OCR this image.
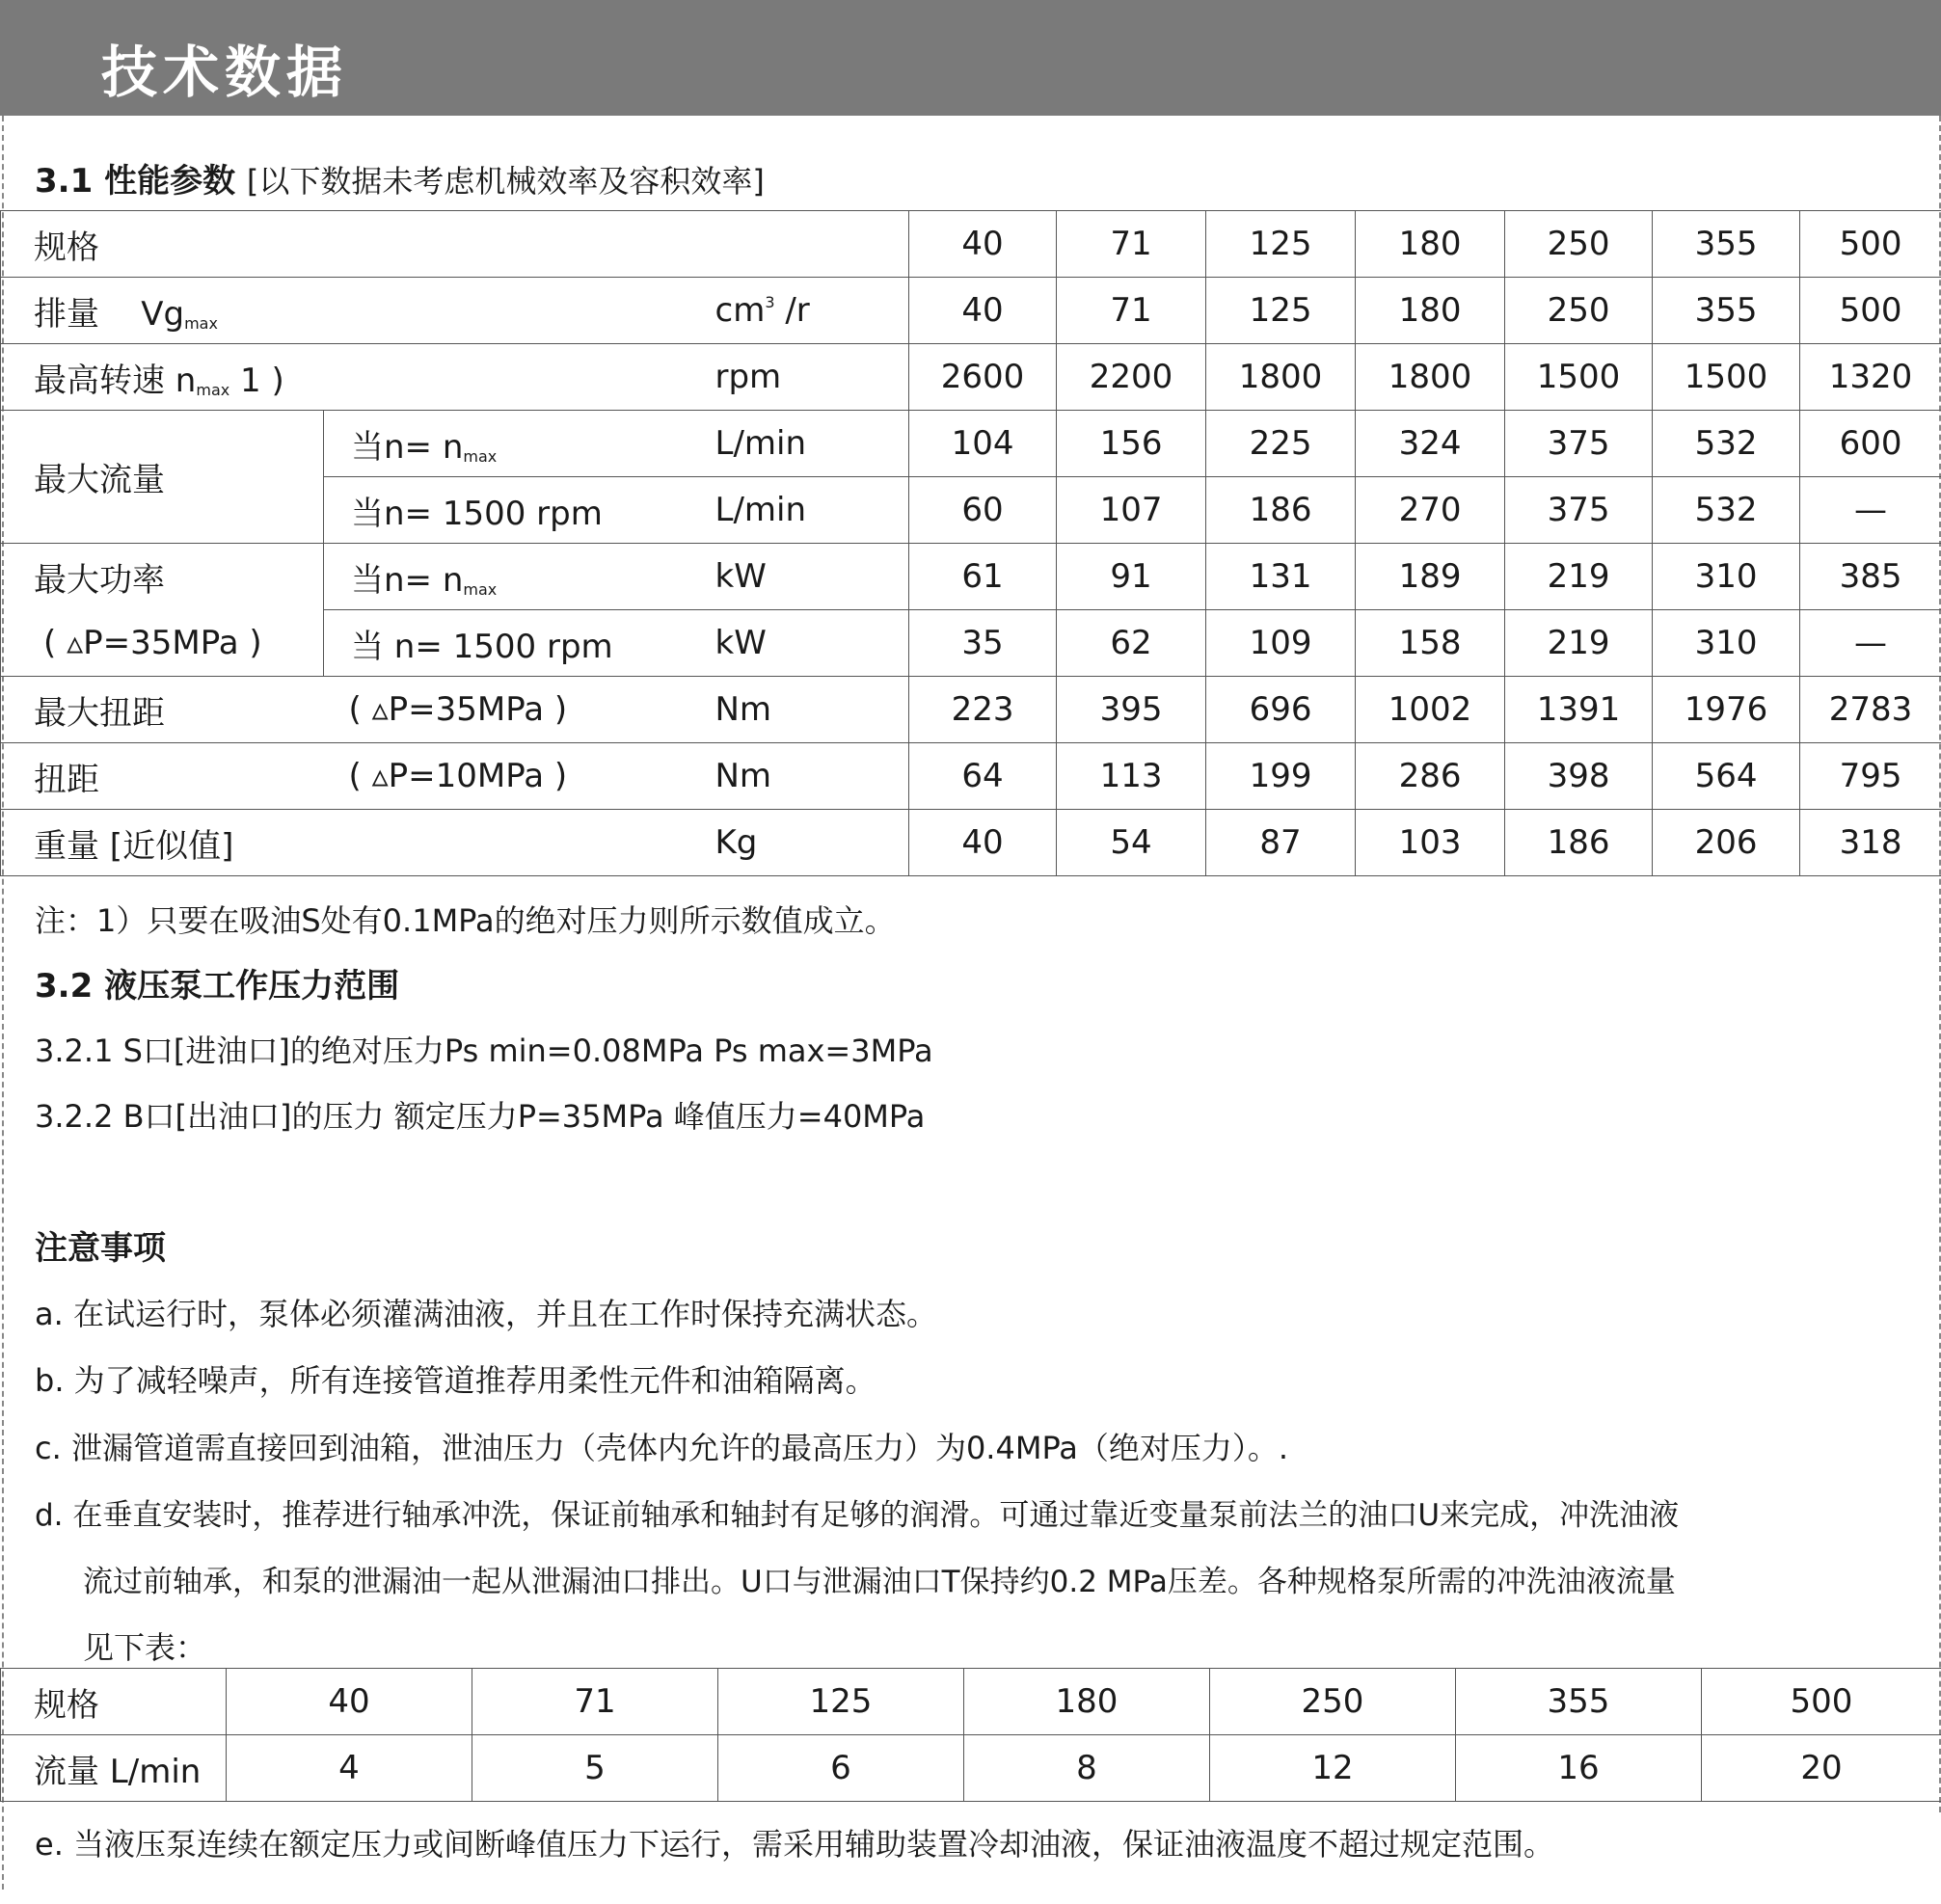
技术数据
3.1 性能参数 [以下数据未考虑机械效率及容积效率]
规格			40	71	125	180	250	355	500
排量 $Vg_{max}$		$cm^3$ /r	40	71	125	180	250	355	500
最高转速 $n_{max}$ 1 )		rpm	2600	2200	1800	1800	1500	1500	1320
最大流量	当$n= n_{max}$	L/min	104	156	225	324	375	532	600
	当n= 1500 rpm	L/min	60	107	186	270	375	532	—
最大功率	当$n= n_{max}$	kW	61	91	131	189	219	310	385
( ▵P=35MPa )	当 n= 1500 rpm	kW	35	62	109	158	219	310	—
最大扭距	( ▵P=35MPa )	Nm	223	395	696	1002	1391	1976	2783
扭距	( ▵P=10MPa )	Nm	64	113	199	286	398	564	795
重量 [近似值]		Kg	40	54	87	103	186	206	318
注：1）只要在吸油S处有0.1MPa的绝对压力则所示数值成立。
3.2 液压泵工作压力范围
3.2.1 S口[进油口]的绝对压力Ps min=0.08MPa Ps max=3MPa
3.2.2 B口[出油口]的压力 额定压力P=35MPa 峰值压力=40MPa
注意事项
a. 在试运行时，泵体必须灌满油液，并且在工作时保持充满状态。
b. 为了减轻噪声，所有连接管道推荐用柔性元件和油箱隔离。
c. 泄漏管道需直接回到油箱，泄油压力（壳体内允许的最高压力）为0.4MPa（绝对压力）。.
d. 在垂直安装时，推荐进行轴承冲洗，保证前轴承和轴封有足够的润滑。可通过靠近变量泵前法兰的油口U来完成，冲洗油液
流过前轴承，和泵的泄漏油一起从泄漏油口排出。U口与泄漏油口T保持约0.2 MPa压差。各种规格泵所需的冲洗油液流量
见下表：
规格	40	71	125	180	250	355	500
流量 L/min	4	5	6	8	12	16	20
e. 当液压泵连续在额定压力或间断峰值压力下运行，需采用辅助装置冷却油液，保证油液温度不超过规定范围。
